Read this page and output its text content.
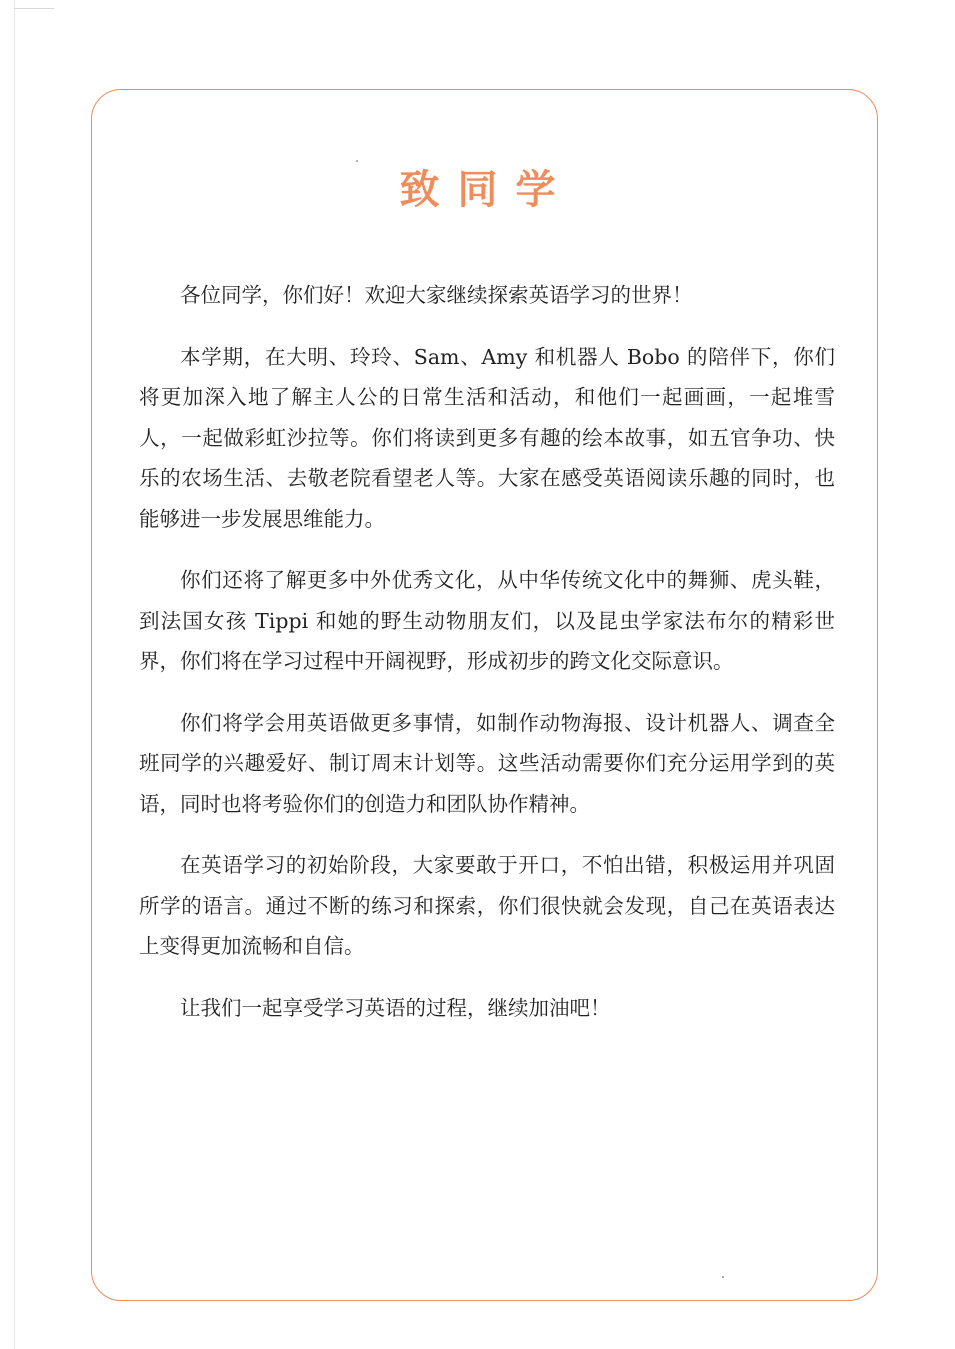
致同学

各位同学，你们好！欢迎大家继续探索英语学习的世界！

本学期，在大明、玲玲、Sam、Amy 和机器人 Bobo 的陪伴下，你们将更加深入地了解主人公的日常生活和活动，和他们一起画画，一起堆雪人，一起做彩虹沙拉等。你们将读到更多有趣的绘本故事，如五官争功、快乐的农场生活、去敬老院看望老人等。大家在感受英语阅读乐趣的同时，也能够进一步发展思维能力。

你们还将了解更多中外优秀文化，从中华传统文化中的舞狮、虎头鞋，到法国女孩 Tippi 和她的野生动物朋友们，以及昆虫学家法布尔的精彩世界，你们将在学习过程中开阔视野，形成初步的跨文化交际意识。

你们将学会用英语做更多事情，如制作动物海报、设计机器人、调查全班同学的兴趣爱好、制订周末计划等。这些活动需要你们充分运用学到的英语，同时也将考验你们的创造力和团队协作精神。

在英语学习的初始阶段，大家要敢于开口，不怕出错，积极运用并巩固所学的语言。通过不断的练习和探索，你们很快就会发现，自己在英语表达上变得更加流畅和自信。

让我们一起享受学习英语的过程，继续加油吧！
